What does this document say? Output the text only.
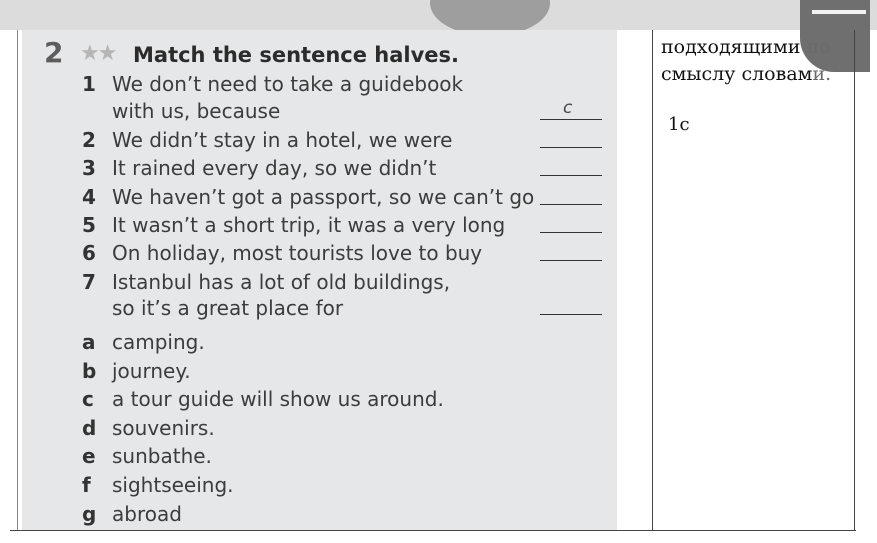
2 ★★ Match the sentence halves.
1 We don’t need to take a guidebook
with us, because	c
2 We didn’t stay in a hotel, we were
3 It rained every day, so we didn’t
4 We haven’t got a passport, so we can’t go
5 It wasn’t a short trip, it was a very long
6 On holiday, most tourists love to buy
7 Istanbul has a lot of old buildings,
so it’s a great place for
a camping.
b journey.
c a tour guide will show us around.
d souvenirs.
e sunbathe.
f sightseeing.
g abroad
подходящими по
смыслу словами.
1c
